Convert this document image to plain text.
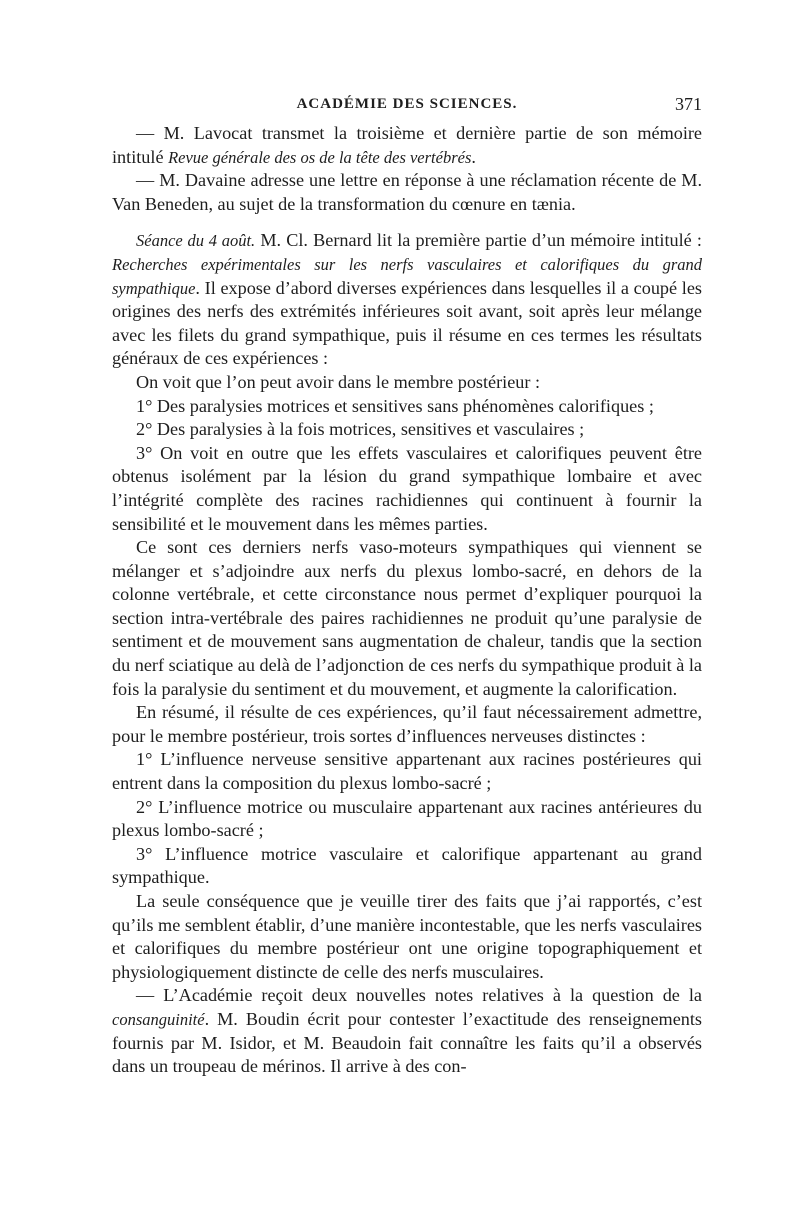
ACADÉMIE DES SCIENCES.	371

— M. Lavocat transmet la troisième et dernière partie de son mémoire intitulé Revue générale des os de la tête des vertébrés.

— M. Davaine adresse une lettre en réponse à une réclamation récente de M. Van Beneden, au sujet de la transformation du cœnure en tænia.

Séance du 4 août. M. Cl. Bernard lit la première partie d’un mémoire intitulé : Recherches expérimentales sur les nerfs vasculaires et calorifiques du grand sympathique. Il expose d’abord diverses expériences dans lesquelles il a coupé les origines des nerfs des extrémités inférieures soit avant, soit après leur mélange avec les filets du grand sympathique, puis il résume en ces termes les résultats généraux de ces expériences :

On voit que l’on peut avoir dans le membre postérieur :

1° Des paralysies motrices et sensitives sans phénomènes calorifiques ;

2° Des paralysies à la fois motrices, sensitives et vasculaires ;

3° On voit en outre que les effets vasculaires et calorifiques peuvent être obtenus isolément par la lésion du grand sympathique lombaire et avec l’intégrité complète des racines rachidiennes qui continuent à fournir la sensibilité et le mouvement dans les mêmes parties.

Ce sont ces derniers nerfs vaso-moteurs sympathiques qui viennent se mélanger et s’adjoindre aux nerfs du plexus lombo-sacré, en dehors de la colonne vertébrale, et cette circonstance nous permet d’expliquer pourquoi la section intra-vertébrale des paires rachidiennes ne produit qu’une paralysie de sentiment et de mouvement sans augmentation de chaleur, tandis que la section du nerf sciatique au delà de l’adjonction de ces nerfs du sympathique produit à la fois la paralysie du sentiment et du mouvement, et augmente la calorification.

En résumé, il résulte de ces expériences, qu’il faut nécessairement admettre, pour le membre postérieur, trois sortes d’influences nerveuses distinctes :

1° L’influence nerveuse sensitive appartenant aux racines postérieures qui entrent dans la composition du plexus lombo-sacré ;

2° L’influence motrice ou musculaire appartenant aux racines antérieures du plexus lombo-sacré ;

3° L’influence motrice vasculaire et calorifique appartenant au grand sympathique.

La seule conséquence que je veuille tirer des faits que j’ai rapportés, c’est qu’ils me semblent établir, d’une manière incontestable, que les nerfs vasculaires et calorifiques du membre postérieur ont une origine topographiquement et physiologiquement distincte de celle des nerfs musculaires.

— L’Académie reçoit deux nouvelles notes relatives à la question de la consanguinité. M. Boudin écrit pour contester l’exactitude des renseignements fournis par M. Isidor, et M. Beaudoin fait connaître les faits qu’il a observés dans un troupeau de mérinos. Il arrive à des con-
